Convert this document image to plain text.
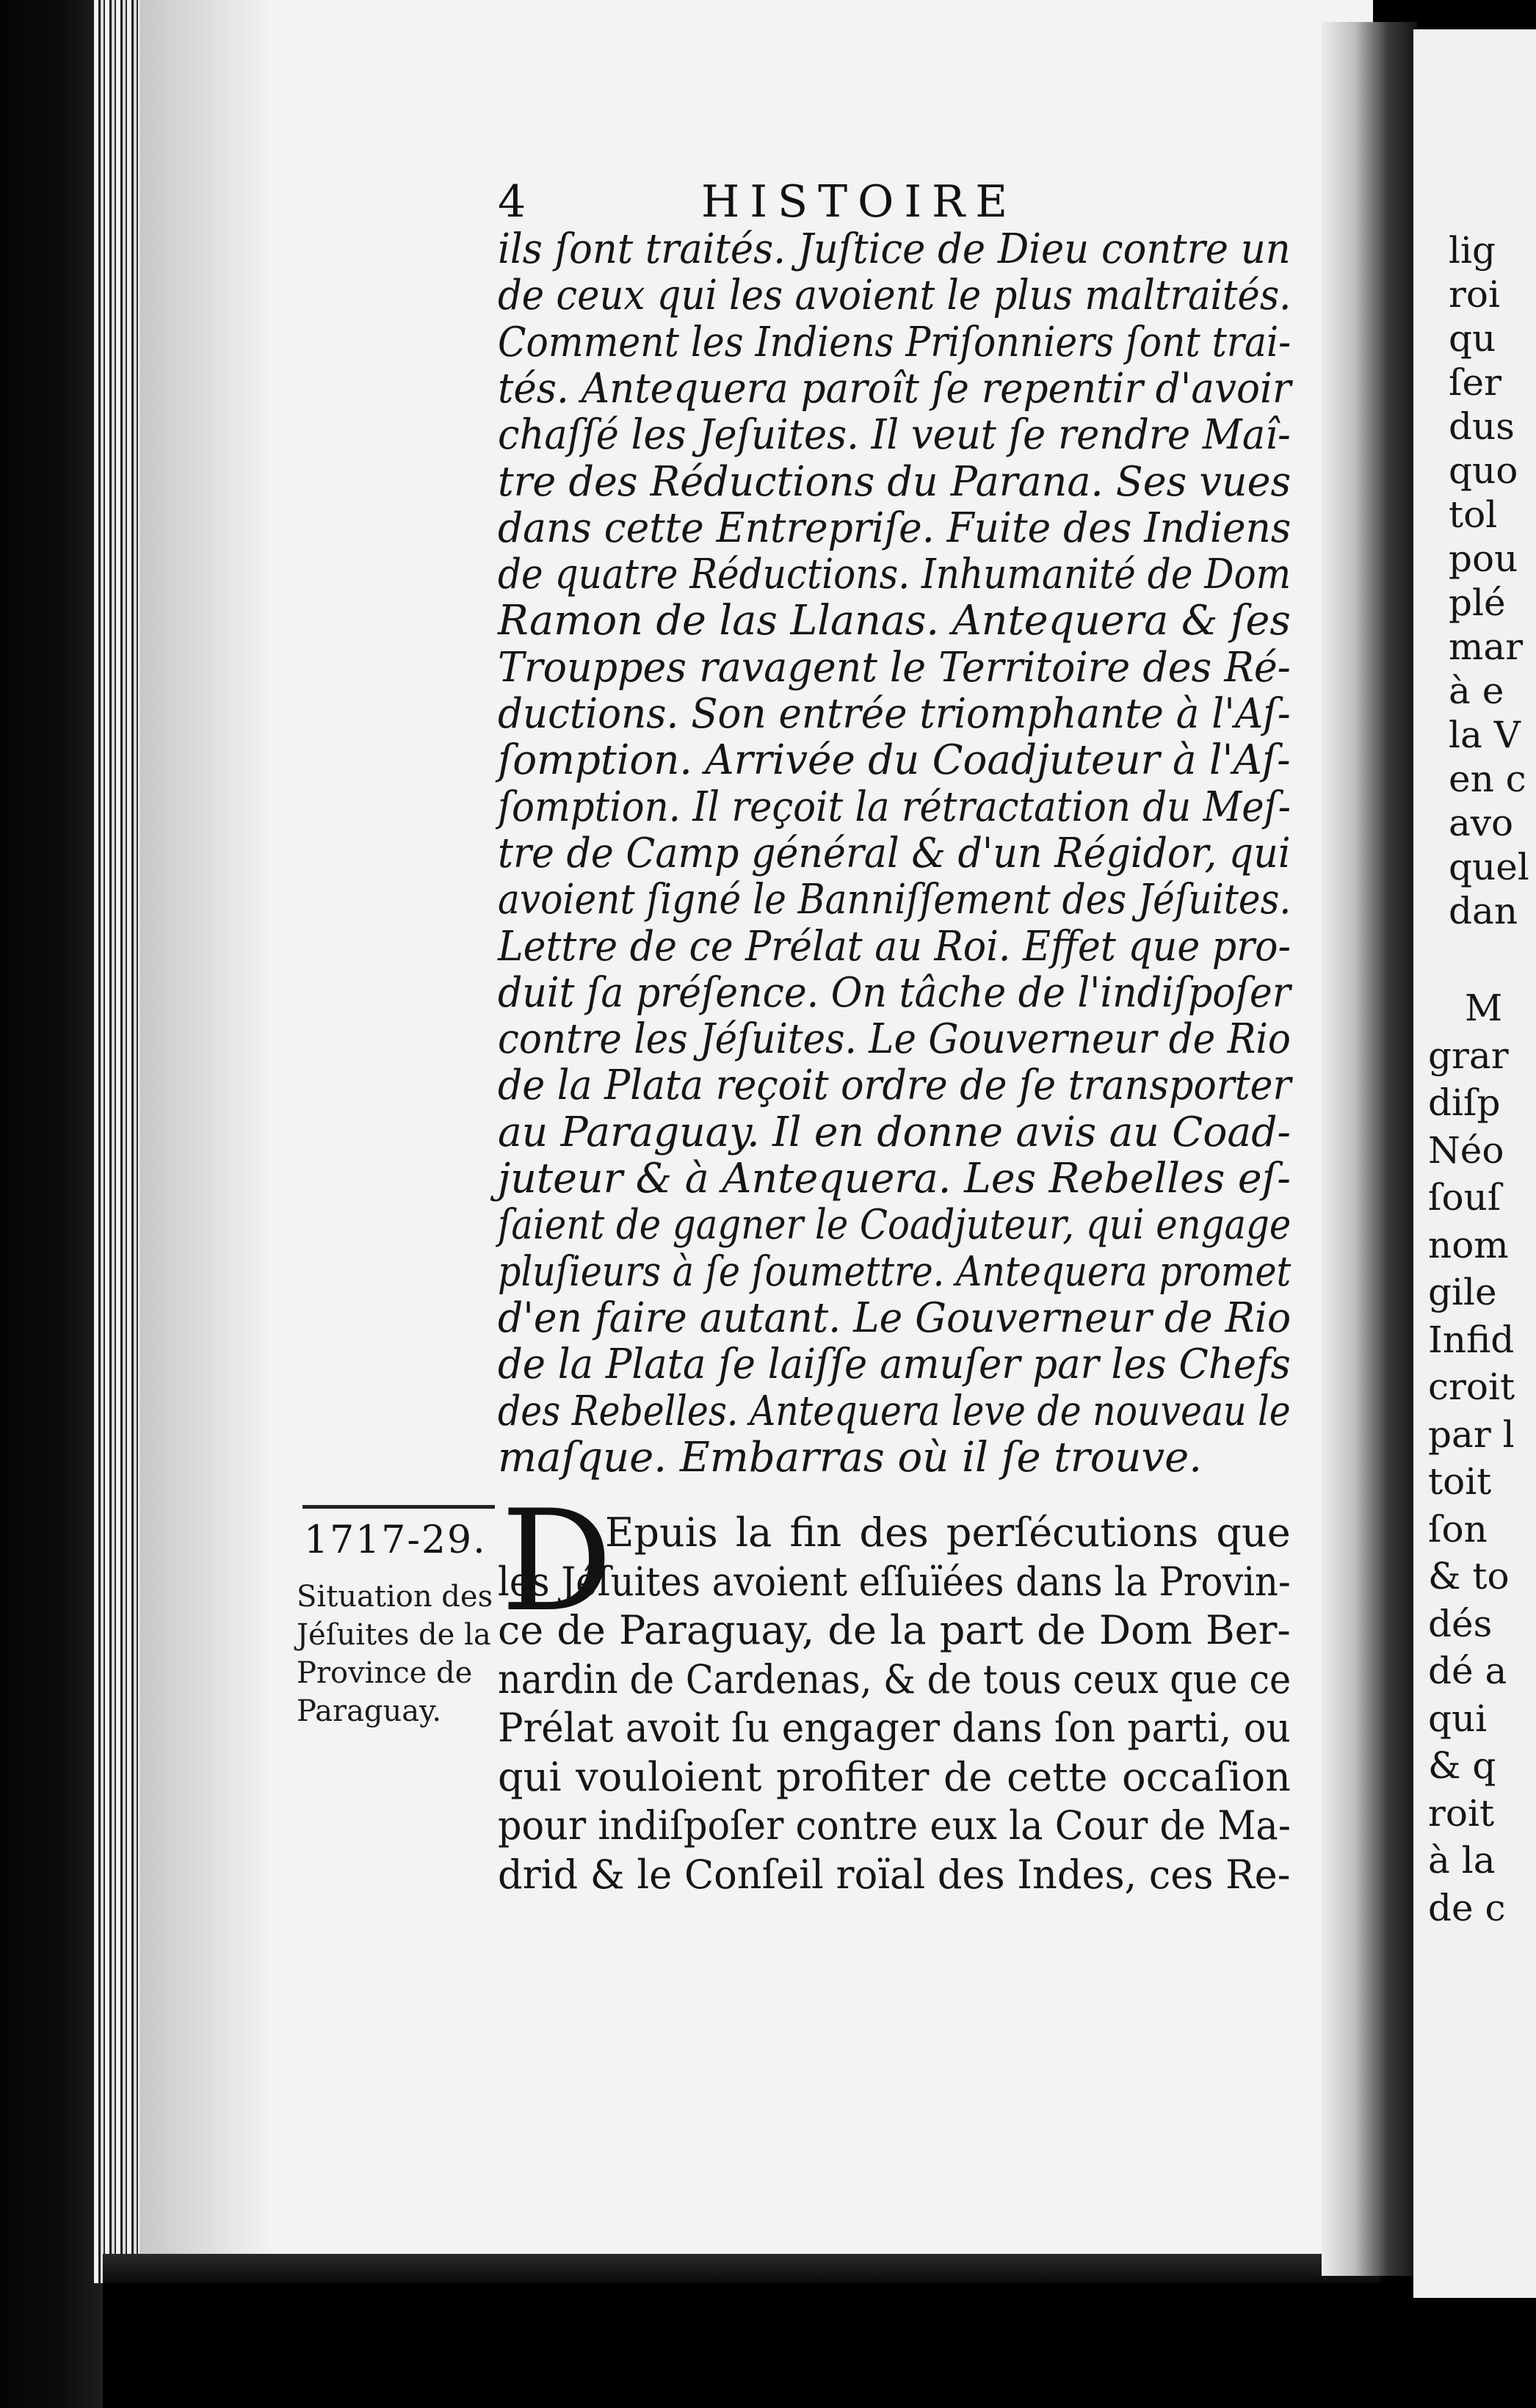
lig
roi
qu
ſer
dus
quo
tol
pou
plé
mar
à e
la V
en c
avo
quel
dan
M
grar
diſp
Néo
ſouſ
nom
gile
Infid
croit
par l
toit
ſon
& to
dés
dé a
qui
& q
roit
à la
de c
4	HISTOIRE
ils ſont traités. Juſtice de Dieu contre un
de ceux qui les avoient le plus maltraités.
Comment les Indiens Priſonniers ſont trai-
tés. Antequera paroît ſe repentir d'avoir
chaſſé les Jeſuites. Il veut ſe rendre Maî-
tre des Réductions du Parana. Ses vues
dans cette Entrepriſe. Fuite des Indiens
de quatre Réductions. Inhumanité de Dom
Ramon de las Llanas. Antequera & ſes
Trouppes ravagent le Territoire des Ré-
ductions. Son entrée triomphante à l'Aſ-
ſomption. Arrivée du Coadjuteur à l'Aſ-
ſomption. Il reçoit la rétractation du Meſ-
tre de Camp général & d'un Régidor, qui
avoient ſigné le Banniſſement des Jéſuites.
Lettre de ce Prélat au Roi. Effet que pro-
duit ſa préſence. On tâche de l'indiſpoſer
contre les Jéſuites. Le Gouverneur de Rio
de la Plata reçoit ordre de ſe transporter
au Paraguay. Il en donne avis au Coad-
juteur & à Antequera. Les Rebelles eſ-
ſaient de gagner le Coadjuteur, qui engage
pluſieurs à ſe ſoumettre. Antequera promet
d'en faire autant. Le Gouverneur de Rio
de la Plata ſe laiſſe amuſer par les Chefs
des Rebelles. Antequera leve de nouveau le
maſque. Embarras où il ſe trouve.
1717-29.
Situation des
Jéſuites de la
Province de
Paraguay.
D
Epuis la fin des perſécutions que
les Jéſuites avoient eſſuïées dans la Provin-
ce de Paraguay, de la part de Dom Ber-
nardin de Cardenas, & de tous ceux que ce
Prélat avoit ſu engager dans ſon parti, ou
qui vouloient profiter de cette occaſion
pour indiſpoſer contre eux la Cour de Ma-
drid & le Conſeil roïal des Indes, ces Re-
